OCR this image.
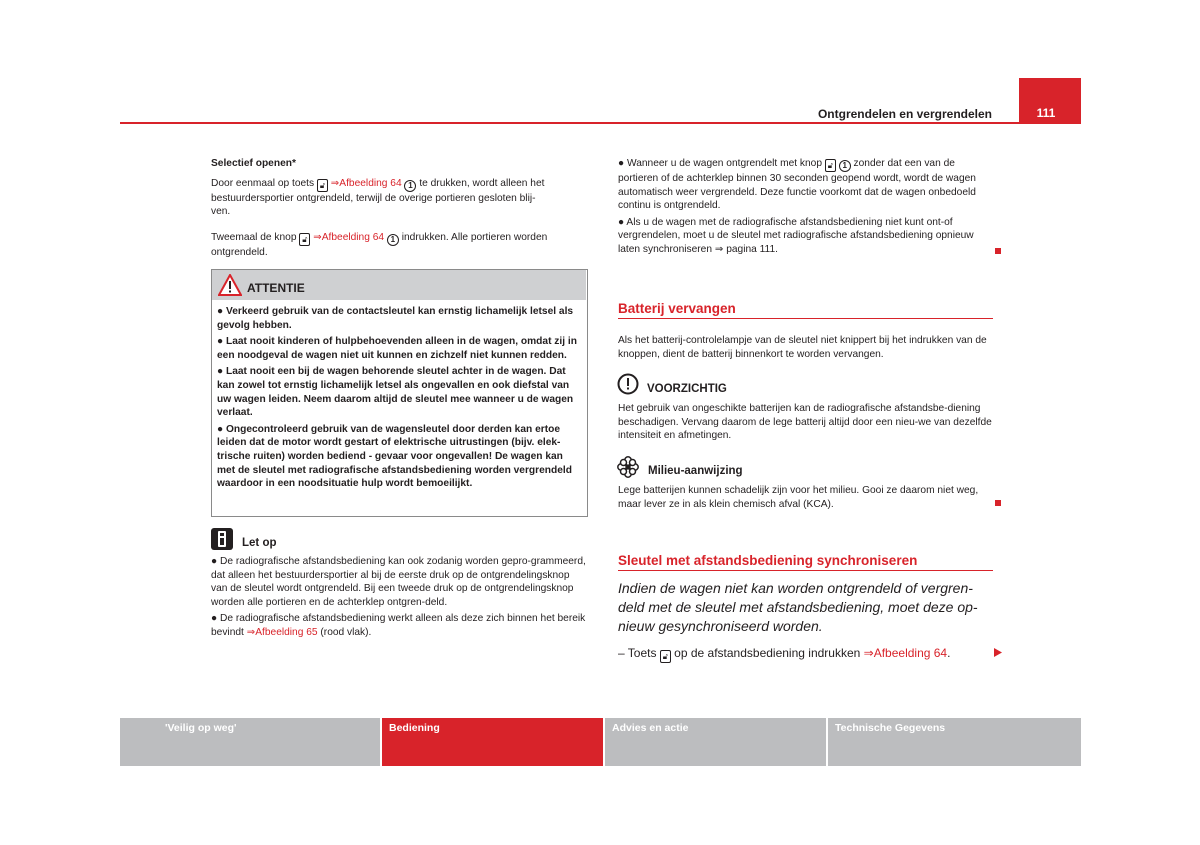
111
Ontgrendelen en vergrendelen

Selectief openen*

Door eenmaal op toets 🔓︎ ⇒Afbeelding 64 1 te drukken, wordt alleen het
bestuurdersportier ontgrendeld, terwijl de overige portieren gesloten blij-
ven.

Tweemaal de knop 🔓︎ ⇒Afbeelding 64 1 indrukken. Alle portieren worden
ontgrendeld.

ATTENTIE

● Verkeerd gebruik van de contactsleutel kan ernstig lichamelijk letsel als gevolg hebben.

● Laat nooit kinderen of hulpbehoevenden alleen in de wagen, omdat zij in een noodgeval de wagen niet uit kunnen en zichzelf niet kunnen redden.

● Laat nooit een bij de wagen behorende sleutel achter in de wagen. Dat kan zowel tot ernstig lichamelijk letsel als ongevallen en ook diefstal van uw wagen leiden. Neem daarom altijd de sleutel mee wanneer u de wagen verlaat.

● Ongecontroleerd gebruik van de wagensleutel door derden kan ertoe leiden dat de motor wordt gestart of elektrische uitrustingen (bijv. elek-trische ruiten) worden bediend - gevaar voor ongevallen! De wagen kan met de sleutel met radiografische afstandsbediening worden vergrendeld waardoor in een noodsituatie hulp wordt bemoeilijkt.

Let op

● De radiografische afstandsbediening kan ook zodanig worden gepro-grammeerd, dat alleen het bestuurdersportier al bij de eerste druk op de ontgrendelingsknop van de sleutel wordt ontgrendeld. Bij een tweede druk op de ontgrendelingsknop worden alle portieren en de achterklep ontgren-deld.

● De radiografische afstandsbediening werkt alleen als deze zich binnen het bereik bevindt ⇒Afbeelding 65 (rood vlak).

● Wanneer u de wagen ontgrendelt met knop 🔓︎ 1 zonder dat een van de portieren of de achterklep binnen 30 seconden geopend wordt, wordt de wagen automatisch weer vergrendeld. Deze functie voorkomt dat de wagen onbedoeld continu is ontgrendeld.

● Als u de wagen met de radiografische afstandsbediening niet kunt ont-of vergrendelen, moet u de sleutel met radiografische afstandsbediening opnieuw laten synchroniseren ⇒ pagina 111.

Batterij vervangen
Als het batterij-controlelampje van de sleutel niet knippert bij het indrukken van de knoppen, dient de batterij binnenkort te worden vervangen.
VOORZICHTIG
Het gebruik van ongeschikte batterijen kan de radiografische afstandsbe-diening beschadigen. Vervang daarom de lege batterij altijd door een nieu-we van dezelfde intensiteit en afmetingen.
Milieu-aanwijzing
Lege batterijen kunnen schadelijk zijn voor het milieu. Gooi ze daarom niet weg, maar lever ze in als klein chemisch afval (KCA).
Sleutel met afstandsbediening synchroniseren
Indien de wagen niet kan worden ontgrendeld of vergren-deld met de sleutel met afstandsbediening, moet deze op-nieuw gesynchroniseerd worden.
– Toets 🔓︎ op de afstandsbediening indrukken ⇒Afbeelding 64.
'Veilig op weg'	Bediening	Advies en actie	Technische Gegevens
